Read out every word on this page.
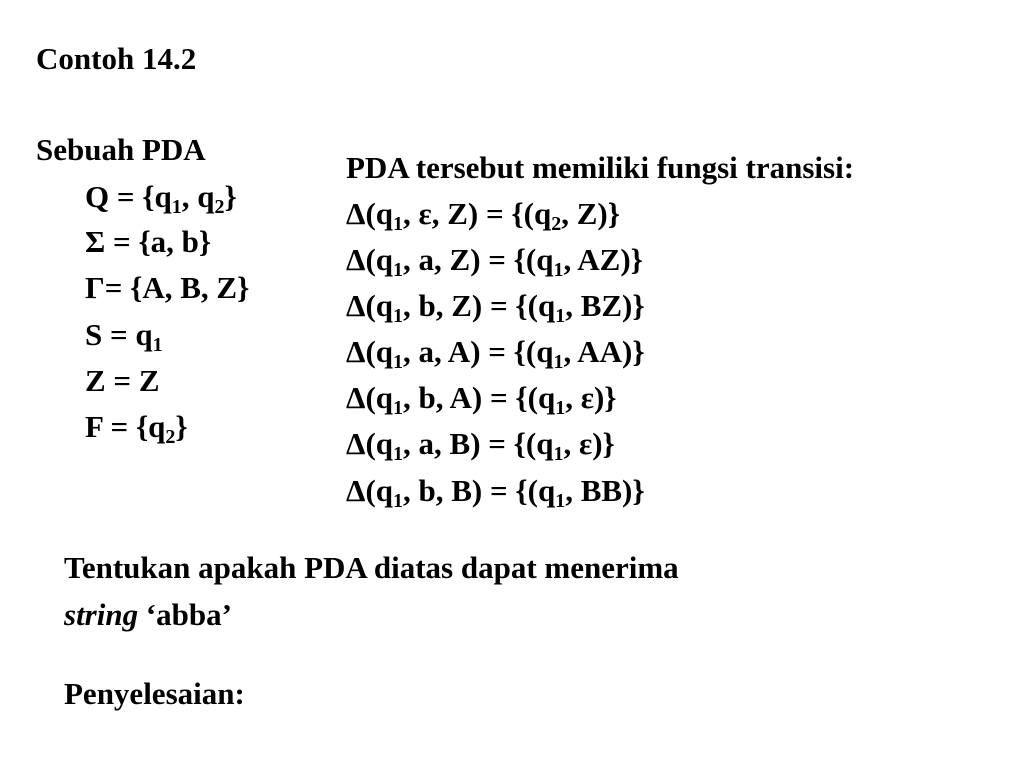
Contoh 14.2
Sebuah PDA
$Q = \{q_1$, $q_2$}
Σ = {a, b}
Γ= {A, B, Z}
$S = q_1$
Z = Z
$F = \{q_2\}$
PDA tersebut memiliki fungsi transisi:
$\Delta(q_1$, ε, $Z) = \{(q_2$, Z)}
$\Delta(q_1$, a, $Z) = \{(q_1$, AZ)}
$\Delta(q_1$, b, $Z) = \{(q_1$, BZ)}
$\Delta(q_1$, a, $A) = \{(q_1$, AA)}
$\Delta(q_1$, b, $A) = \{(q_1$, ε)}
$\Delta(q_1$, a, $B) = \{(q_1$, ε)}
$\Delta(q_1$, b, $B) = \{(q_1$, BB)}
Tentukan apakah PDA diatas dapat menerima
string ‘abba’
Penyelesaian:
